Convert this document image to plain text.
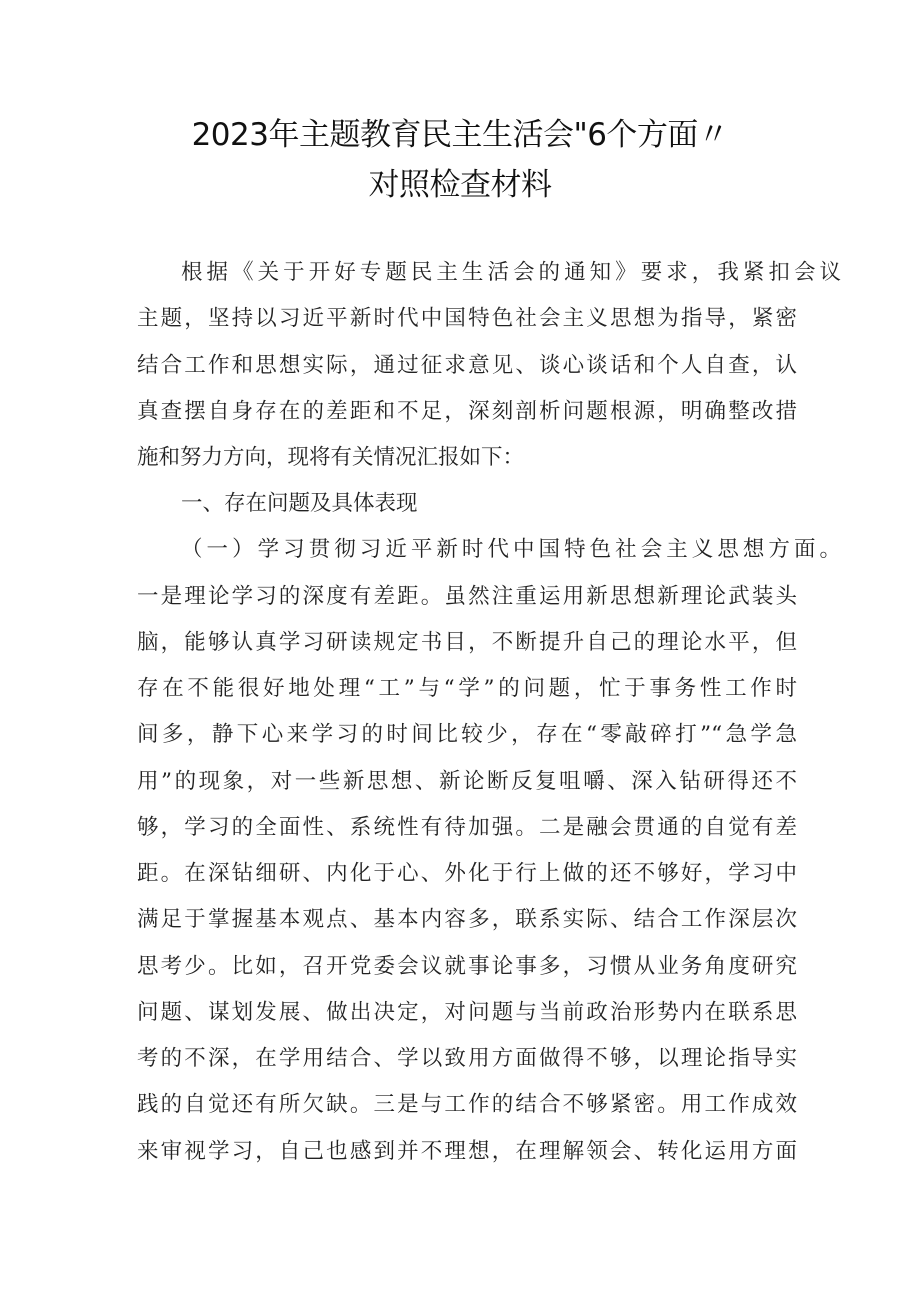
2023年主题教育民主生活会"6个方面〃
对照检查材料
根据《关于开好专题民主生活会的通知》要求，我紧扣会议
主题，坚持以习近平新时代中国特色社会主义思想为指导，紧密
结合工作和思想实际，通过征求意见、谈心谈话和个人自查，认
真查摆自身存在的差距和不足，深刻剖析问题根源，明确整改措
施和努力方向，现将有关情况汇报如下：
一、存在问题及具体表现
（一）学习贯彻习近平新时代中国特色社会主义思想方面。
一是理论学习的深度有差距。虽然注重运用新思想新理论武装头
脑，能够认真学习研读规定书目，不断提升自己的理论水平，但
存在不能很好地处理“工”与“学”的问题，忙于事务性工作时
间多，静下心来学习的时间比较少，存在“零敲碎打”“急学急
用”的现象，对一些新思想、新论断反复咀嚼、深入钻研得还不
够，学习的全面性、系统性有待加强。二是融会贯通的自觉有差
距。在深钻细研、内化于心、外化于行上做的还不够好，学习中
满足于掌握基本观点、基本内容多，联系实际、结合工作深层次
思考少。比如，召开党委会议就事论事多，习惯从业务角度研究
问题、谋划发展、做出决定，对问题与当前政治形势内在联系思
考的不深，在学用结合、学以致用方面做得不够，以理论指导实
践的自觉还有所欠缺。三是与工作的结合不够紧密。用工作成效
来审视学习，自己也感到并不理想，在理解领会、转化运用方面
